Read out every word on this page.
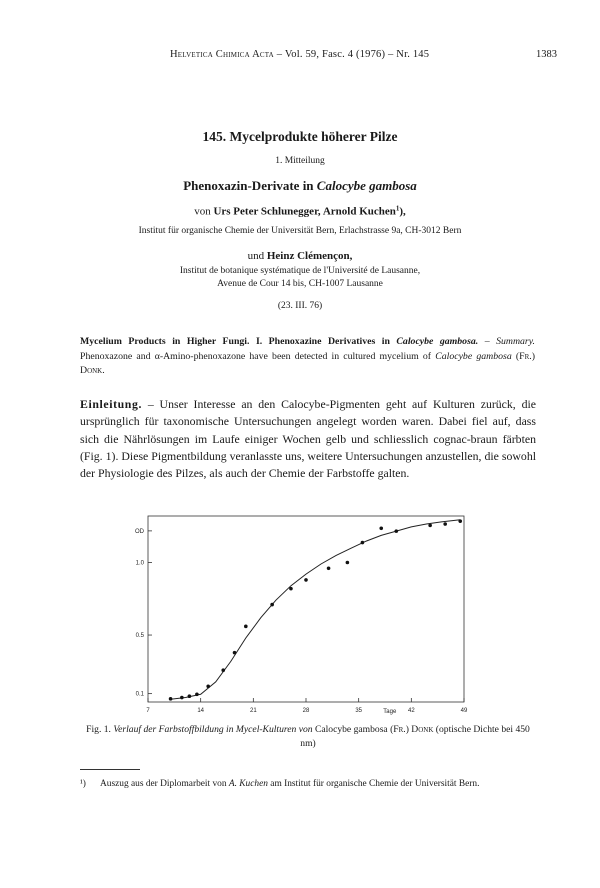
Helvetica Chimica Acta – Vol. 59, Fasc. 4 (1976) – Nr. 145	1383
145. Mycelprodukte höherer Pilze
1. Mitteilung
Phenoxazin-Derivate in Calocybe gambosa
von Urs Peter Schlunegger, Arnold Kuchen$^1$),
Institut für organische Chemie der Universität Bern, Erlachstrasse 9a, CH-3012 Bern
und Heinz Clémençon,
Institut de botanique systématique de l'Université de Lausanne,
Avenue de Cour 14 bis, CH-1007 Lausanne
(23. III. 76)
Mycelium Products in Higher Fungi. I. Phenoxazine Derivatives in Calocybe gambosa. – Summary. Phenoxazone and α-Amino-phenoxazone have been detected in cultured mycelium of Calocybe gambosa (Fr.) Donk.
Einleitung. – Unser Interesse an den Calocybe-Pigmenten geht auf Kulturen zurück, die ursprünglich für taxonomische Untersuchungen angelegt worden waren. Dabei fiel auf, dass sich die Nährlösungen im Laufe einiger Wochen gelb und schliesslich cognac-braun färbten (Fig. 1). Diese Pigmentbildung veranlasste uns, weitere Untersuchungen anzustellen, die sowohl der Physiologie des Pilzes, als auch der Chemie der Farbstoffe galten.
7	14	21	28	35	42	49
Tage
0.1
0.5
1.0
OD
Fig. 1. Verlauf der Farbstoffbildung in Mycel-Kulturen von Calocybe gambosa (Fr.) Donk (optische Dichte bei 450 nm)
¹) Auszug aus der Diplomarbeit von A. Kuchen am Institut für organische Chemie der Universität Bern.
